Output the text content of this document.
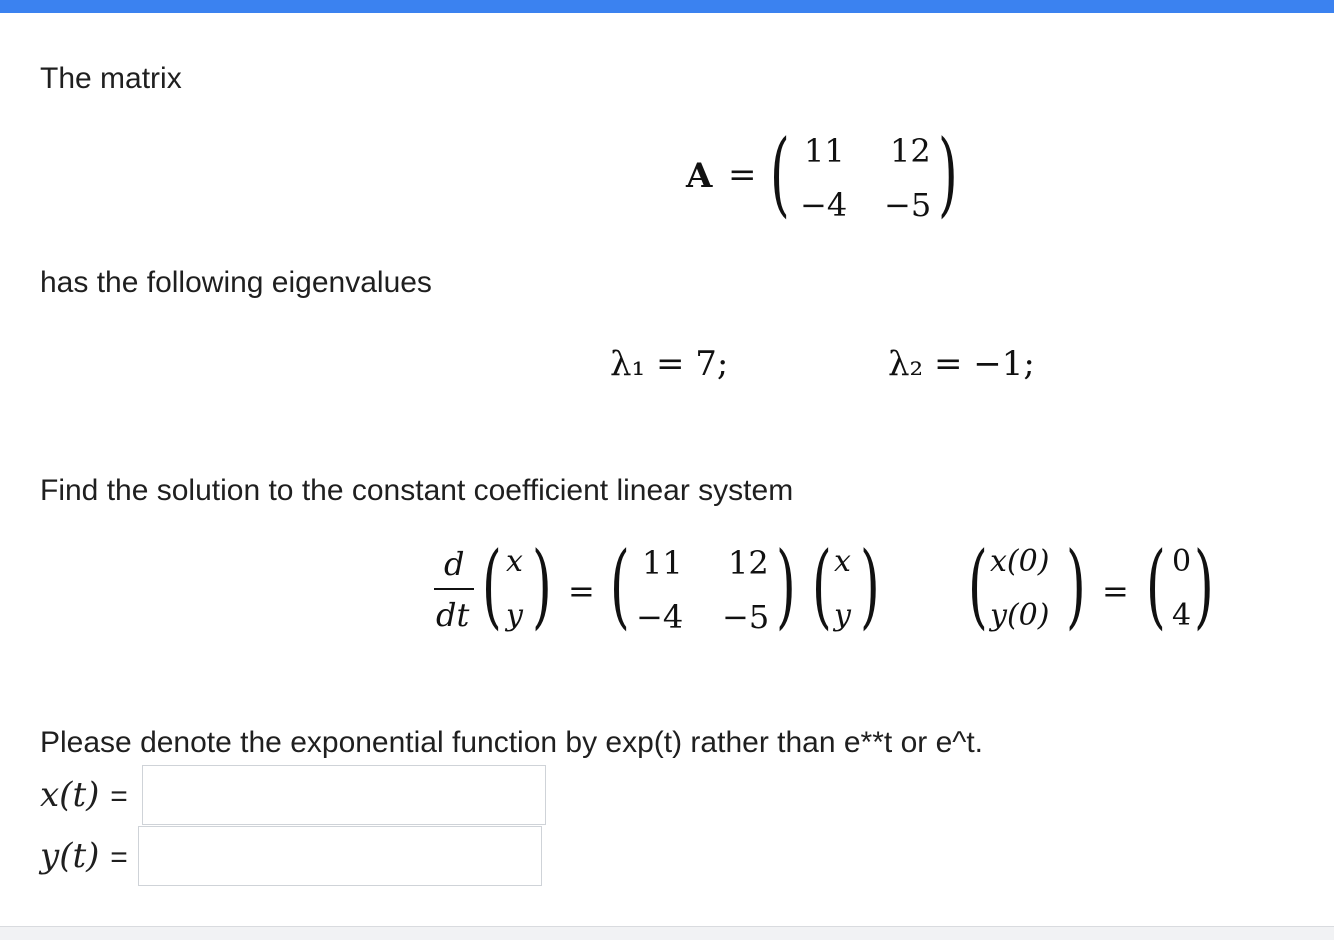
The matrix
A = ( 11 12
−4 −5 )
has the following eigenvalues
λ₁ = 7;	λ₂ = −1;
Find the solution to the constant coefficient linear system
d
dt ( x
y ) = ( 11 12
−4 −5 ) ( x
y ) ( x(0)
y(0) ) = ( 0
4 )
Please denote the exponential function by exp(t) rather than e**t or e^t.
x(t) =
y(t) =
